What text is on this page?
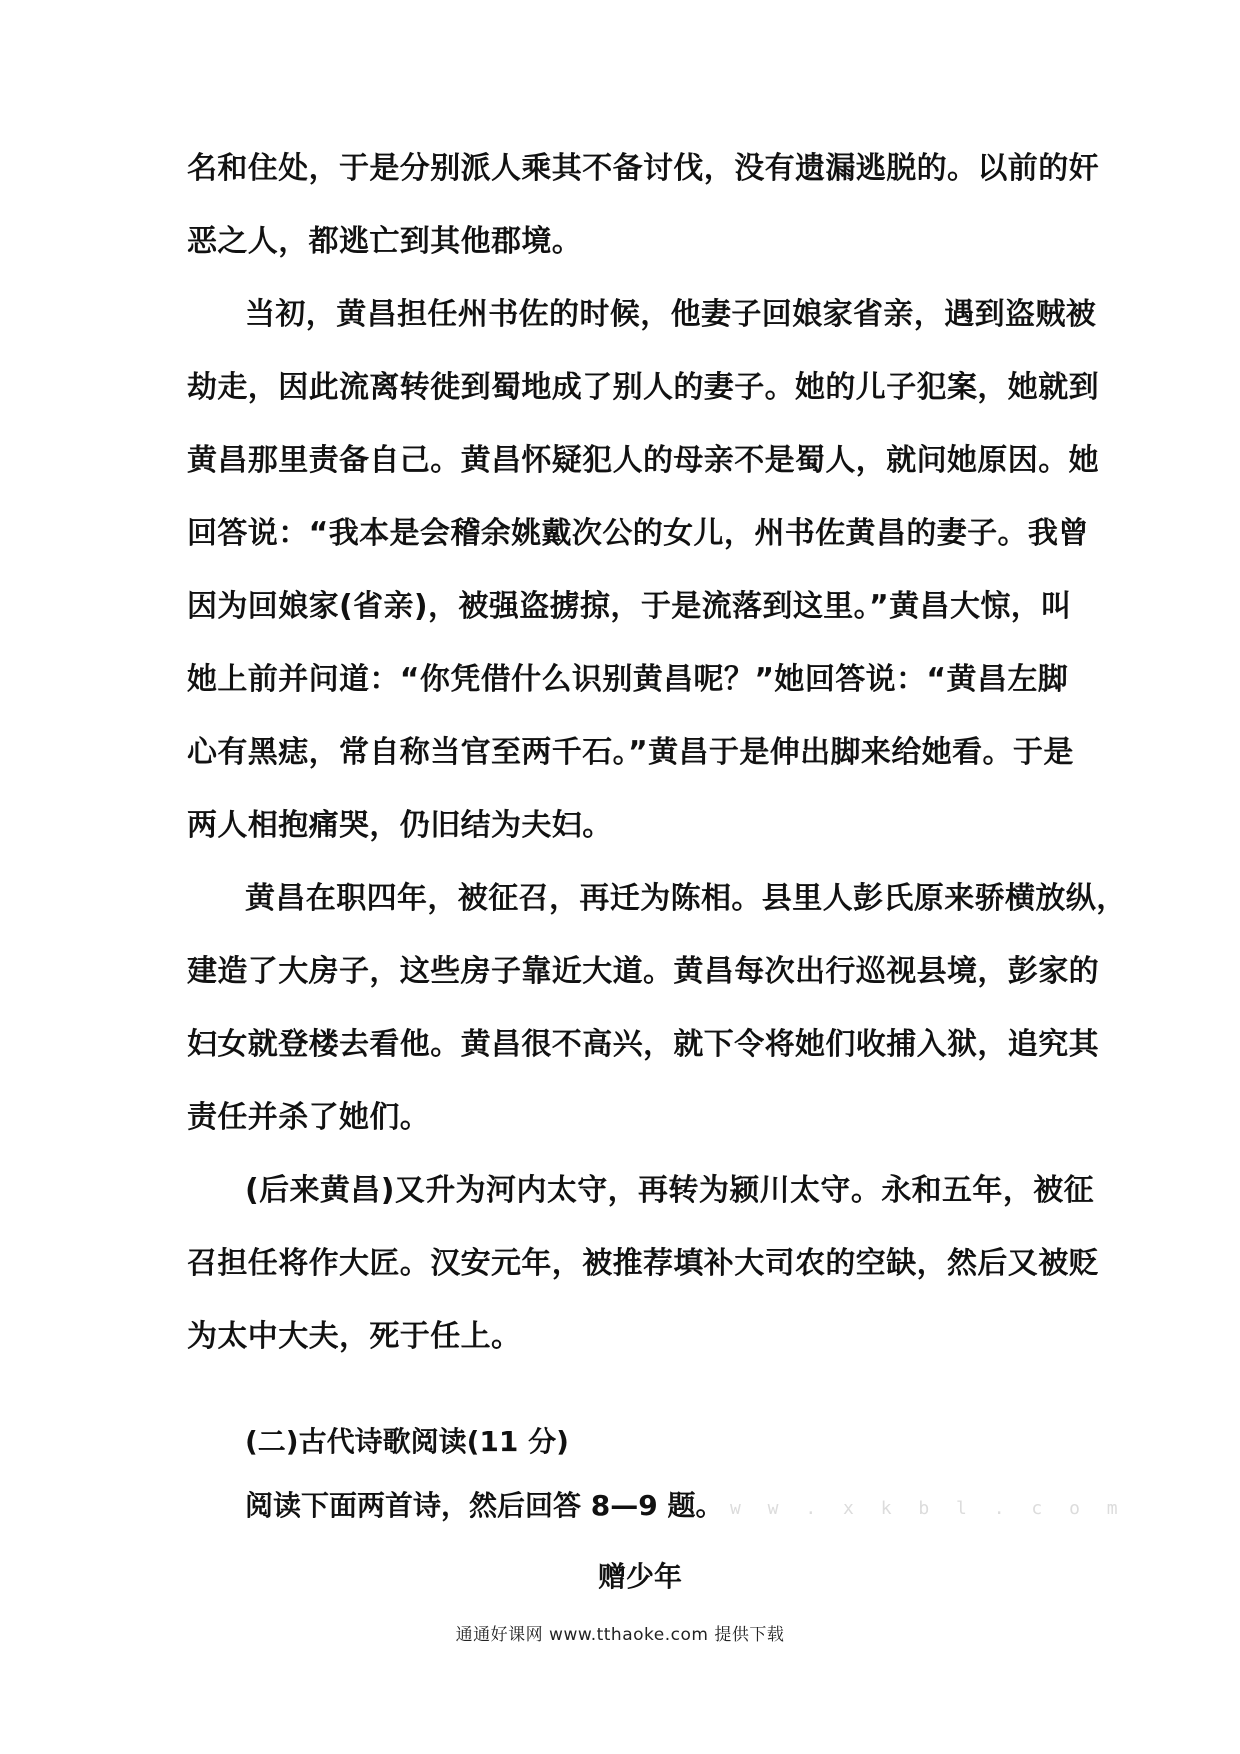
名和住处，于是分别派人乘其不备讨伐，没有遗漏逃脱的。以前的奸
恶之人，都逃亡到其他郡境。
当初，黄昌担任州书佐的时候，他妻子回娘家省亲，遇到盗贼被
劫走，因此流离转徙到蜀地成了别人的妻子。她的儿子犯案，她就到
黄昌那里责备自己。黄昌怀疑犯人的母亲不是蜀人，就问她原因。她
回答说：“我本是会稽余姚戴次公的女儿，州书佐黄昌的妻子。我曾
因为回娘家(省亲)，被强盗掳掠，于是流落到这里。”黄昌大惊，叫
她上前并问道：“你凭借什么识别黄昌呢？”她回答说：“黄昌左脚
心有黑痣，常自称当官至两千石。”黄昌于是伸出脚来给她看。于是
两人相抱痛哭，仍旧结为夫妇。
黄昌在职四年，被征召，再迁为陈相。县里人彭氏原来骄横放纵，
建造了大房子，这些房子靠近大道。黄昌每次出行巡视县境，彭家的
妇女就登楼去看他。黄昌很不高兴，就下令将她们收捕入狱，追究其
责任并杀了她们。
(后来黄昌)又升为河内太守，再转为颍川太守。永和五年，被征
召担任将作大匠。汉安元年，被推荐填补大司农的空缺，然后又被贬
为太中大夫，死于任上。
(二)古代诗歌阅读(11 分)
阅读下面两首诗，然后回答 8—9 题。 w w . x k b l . c o m
赠少年
通通好课网 www.tthaoke.com 提供下载
